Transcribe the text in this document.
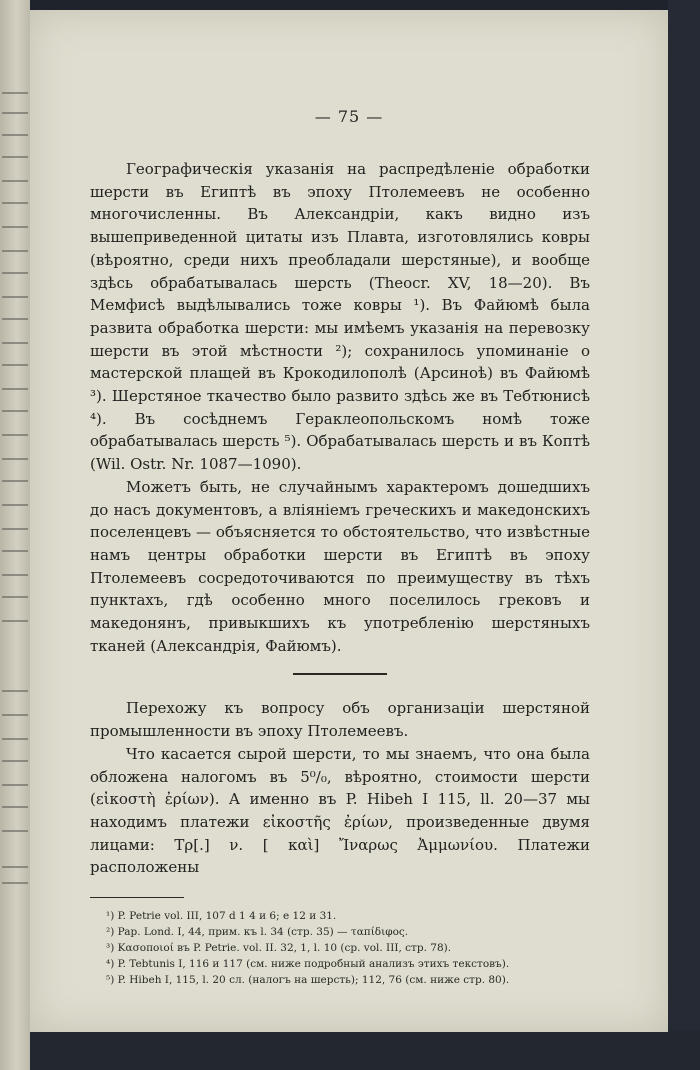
— 75 —

Географическія указанія на распредѣленіе обработки шерсти въ Египтѣ въ эпоху Птолемеевъ не особенно многочисленны. Въ Александріи, какъ видно изъ вышеприведенной цитаты изъ Плавта, изготовлялись ковры (вѣроятно, среди нихъ преобладали шерстяные), и вообще здѣсь обрабатывалась шерсть (Theocr. XV, 18—20). Въ Мемфисѣ выдѣлывались тоже ковры ¹). Въ Файюмѣ была развита обработка шерсти: мы имѣемъ указанія на перевозку шерсти въ этой мѣстности ²); сохранилось упоминаніе о мастерской плащей въ Крокодилополѣ (Арсиноѣ) въ Файюмѣ ³). Шерстяное ткачество было развито здѣсь же въ Тебтюнисѣ ⁴). Въ сосѣднемъ Гераклеопольскомъ номѣ тоже обрабатывалась шерсть ⁵). Обрабатывалась шерсть и въ Коптѣ (Wil. Ostr. Nr. 1087—1090).

Можетъ быть, не случайнымъ характеромъ дошедшихъ до насъ документовъ, а вліяніемъ греческихъ и македонскихъ поселенцевъ — объясняется то обстоятельство, что извѣстные намъ центры обработки шерсти въ Египтѣ въ эпоху Птолемеевъ сосредоточиваются по преимуществу въ тѣхъ пунктахъ, гдѣ особенно много поселилось грековъ и македонянъ, привыкшихъ къ употребленію шерстяныхъ тканей (Александрія, Файюмъ).

Перехожу къ вопросу объ организаціи шерстяной промышленности въ эпоху Птолемеевъ.

Что касается сырой шерсти, то мы знаемъ, что она была обложена налогомъ въ 5⁰/₀, вѣроятно, стоимости шерсти (εἰκοστὴ ἐρίων). А именно въ P. Hibeh I 115, ll. 20—37 мы находимъ платежи εἰκοστῆς ἐρίων, произведенные двумя лицами: Τρ[.] ν. [ καὶ] Ἴναρως Ἀμμωνίου. Платежи расположены

¹) P. Petrie vol. III, 107 d 1 4 и 6; e 12 и 31.

²) Pap. Lond. I, 44, прим. къ l. 34 (стр. 35) — ταπίδιφος.

³) Κασοποιοί въ P. Petrie. vol. II. 32, 1, l. 10 (ср. vol. III, стр. 78).

⁴) P. Tebtunis I, 116 и 117 (см. ниже подробный анализъ этихъ текстовъ).

⁵) P. Hibeh I, 115, l. 20 сл. (налогъ на шерсть); 112, 76 (см. ниже стр. 80).
